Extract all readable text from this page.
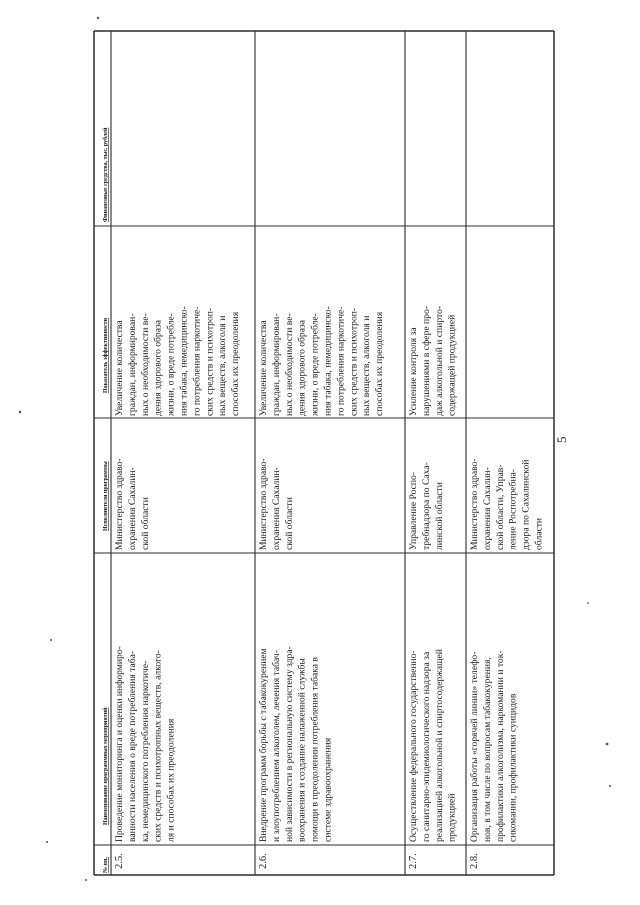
№ пп.
Наименование программных мероприятий
Исполнители программы
Показатель эффективности
Финансовые средства, тыс. рублей
2.5.
Проведение мониторинга и оценки информиро- ванности населения о вреде потребления таба- ка, немедицинского потребления наркотиче- ских средств и психотропных веществ, алкого- ля и способах их преодоления
Министерство здраво- охранения Сахалин- ской области
Увеличение количества граждан, информирован- ных о необходимости ве- дения здорового образа жизни, о вреде потребле- ния табака, немедицинско- го потребления наркотиче- ских средств и психотроп- ных веществ, алкоголя и способах их преодоления
2.6.
Внедрение программ борьбы с табакокурением и злоупотреблением алкоголем, лечения табач- ной зависимости в региональную систему здра- воохранения и создание налаженной службы помощи в преодолении потребления табака в системе здравоохранения
Министерство здраво- охранения Сахалин- ской области
Увеличение количества граждан, информирован- ных о необходимости ве- дения здорового образа жизни, о вреде потребле- ния табака, немедицинско- го потребления наркотиче- ских средств и психотроп- ных веществ, алкоголя и способах их преодоления
2.7.
Осуществление федерального государственно- го санитарно-эпидемиологического надзора за реализацией алкогольной и спиртосодержащей продукцией
Управление Роспо- требнадзора по Саха- линской области
Усиление контроля за нарушениями в сфере про- даж алкогольной и спирто- содержащей продукцией
2.8.
Организация работы «горячей линии» телефо- нов, в том числе по вопросам табакокурения, профилактики алкоголизма, наркомании и ток- сикомании, профилактики суицидов
Министерство здраво- охранения Сахалин- ской области, Управ- ление Роспотребна- дзора по Сахалинской области
5
